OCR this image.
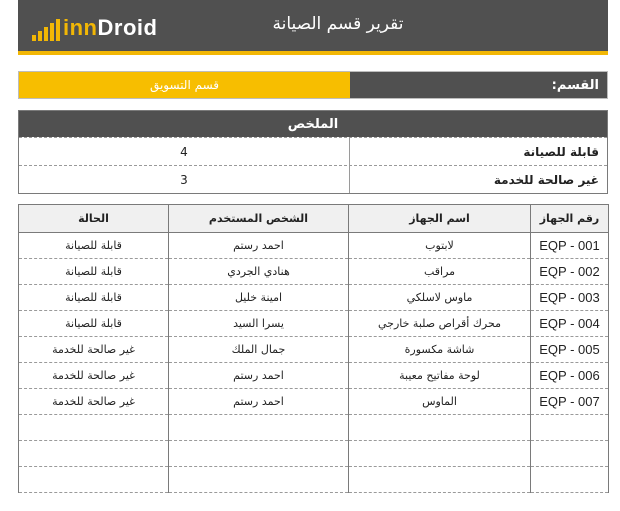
innDroid	تقرير قسم الصيانة
قسم التسويق	القسم:
الملخص
4	قابلة للصيانة
3	غير صالحة للخدمة
الحالة	الشخص المستخدم	اسم الجهاز	رقم الجهاز
قابلة للصيانة	احمد رستم	لابتوب	EQP - 001
قابلة للصيانة	هنادي الجردي	مراقب	EQP - 002
قابلة للصيانة	امينة خليل	ماوس لاسلكي	EQP - 003
قابلة للصيانة	يسرا السيد	محرك أقراص صلبة خارجي	EQP - 004
غير صالحة للخدمة	جمال الملك	شاشة مكسورة	EQP - 005
غير صالحة للخدمة	احمد رستم	لوحة مفاتيح معيبة	EQP - 006
غير صالحة للخدمة	احمد رستم	الماوس	EQP - 007
